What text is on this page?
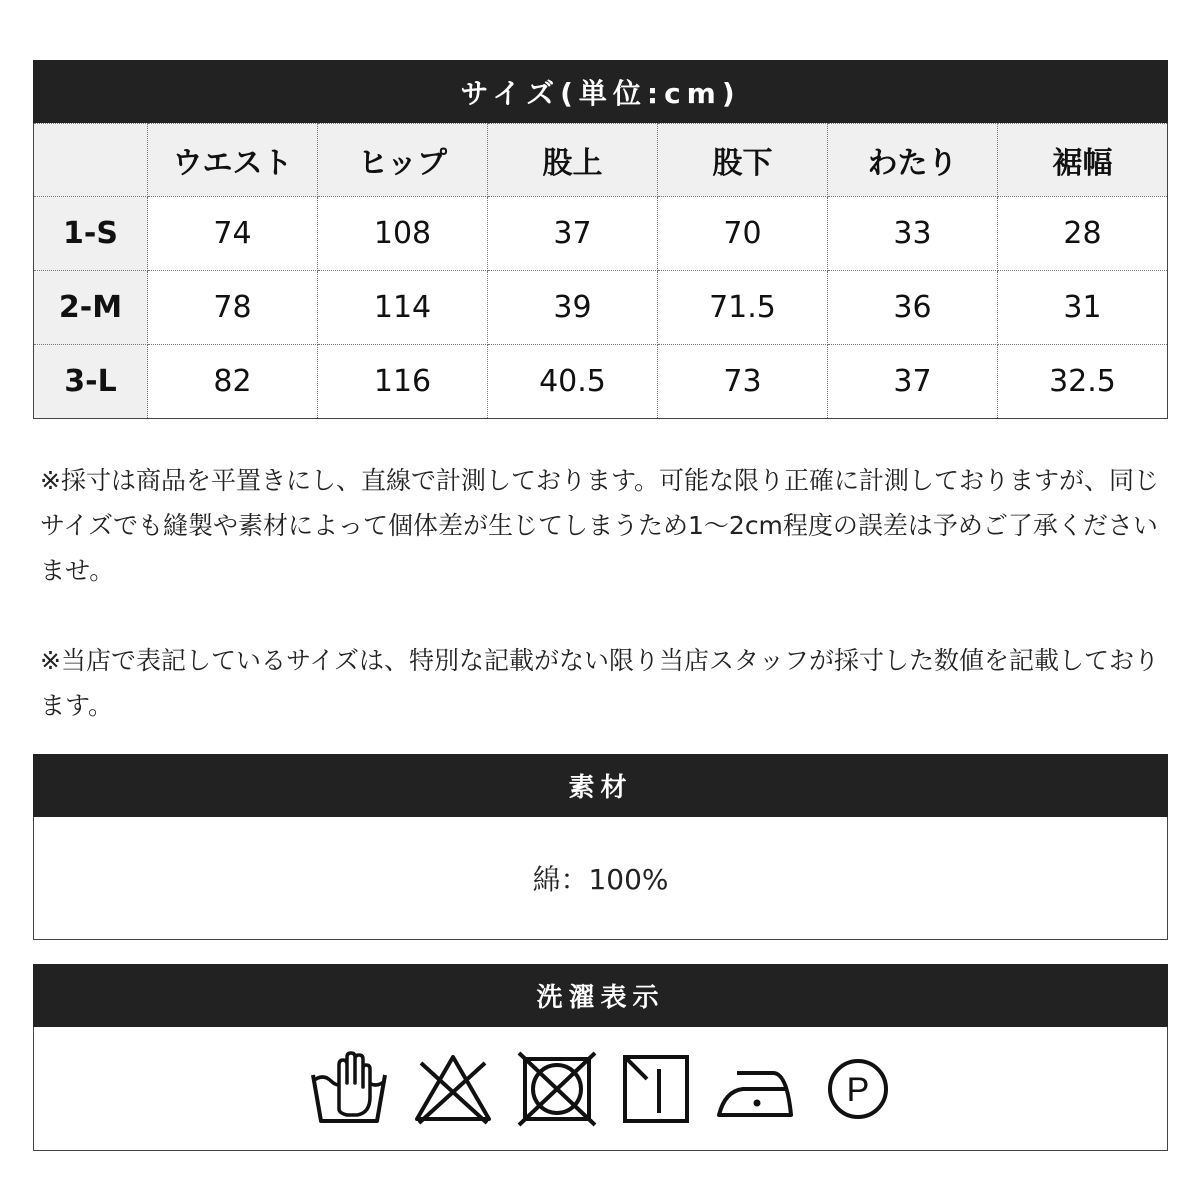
サイズ(単位:cm)
	ウエスト	ヒップ	股上	股下	わたり	裾幅
1-S	74	108	37	70	33	28
2-M	78	114	39	71.5	36	31
3-L	82	116	40.5	73	37	32.5

※採寸は商品を平置きにし、直線で計測しております。可能な限り正確に計測しておりますが、同じサイズでも縫製や素材によって個体差が生じてしまうため1～2cm程度の誤差は予めご了承くださいませ。

※当店で表記しているサイズは、特別な記載がない限り当店スタッフが採寸した数値を記載しております。

素材
綿：100%
洗濯表示
P
